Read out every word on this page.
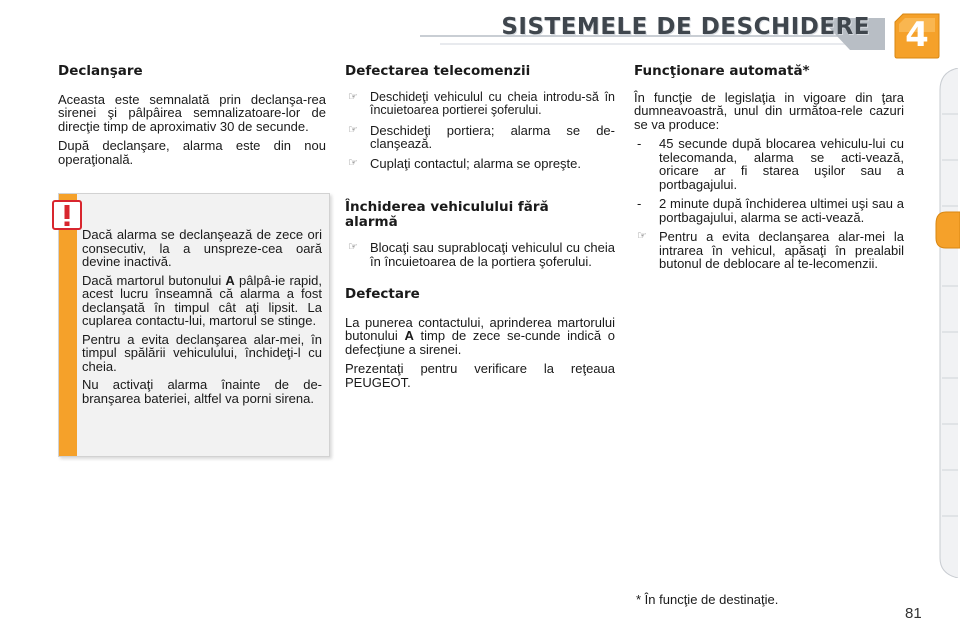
SISTEMELE DE DESCHIDERE	4
Declanşare

Aceasta este semnalată prin declanşa-rea sirenei şi pâlpâirea semnalizatoare-lor de direcţie timp de aproximativ 30 de secunde.

După declanşare, alarma este din nou operaţională.

Dacă alarma se declanşează de zece ori consecutiv, la a unspreze-cea oară devine inactivă.

Dacă martorul butonului A pâlpâ-ie rapid, acest lucru înseamnă că alarma a fost declanşată în timpul cât aţi lipsit. La cuplarea contactu-lui, martorul se stinge.

Pentru a evita declanşarea alar-mei, în timpul spălării vehiculului, închideţi-l cu cheia.

Nu activaţi alarma înainte de de-branşarea bateriei, altfel va porni sirena.

Defectarea telecomenzii
☞ Deschideţi vehiculul cu cheia introdu-să în încuietoarea portierei şoferului.
☞ Deschideţi portiera; alarma se de-clanşează.
☞ Cuplaţi contactul; alarma se opreşte.
Închiderea vehiculului fără alarmă
☞ Blocaţi sau suprablocaţi vehiculul cu cheia în încuietoarea de la portiera şoferului.
Defectare

La punerea contactului, aprinderea martorului butonului A timp de zece se-cunde indică o defecţiune a sirenei.

Prezentaţi pentru verificare la reţeaua PEUGEOT.

Funcţionare automată*

În funcţie de legislaţia in vigoare din ţara dumneavoastră, unul din următoa-rele cazuri se va produce:

- 45 secunde după blocarea vehiculu-lui cu telecomanda, alarma se acti-vează, oricare ar fi starea uşilor sau a portbagajului.
- 2 minute după închiderea ultimei uşi sau a portbagajului, alarma se acti-vează.
☞ Pentru a evita declanşarea alar-mei la intrarea în vehicul, apăsaţi în prealabil butonul de deblocare al te-lecomenzii.
* În funcţie de destinaţie.
81
